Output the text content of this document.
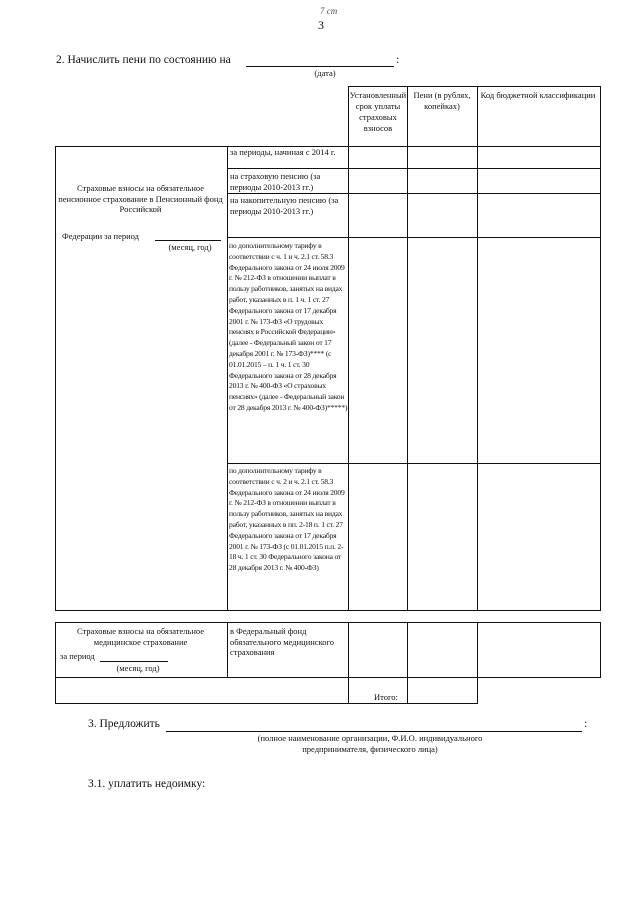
7 ст
3
2. Начислить пени по состоянию на	:
(дата)
Установленный срок уплаты страховых взносов
Пени (в рублях, копейках)
Код бюджетной классификации
Страховые взносы на обязательное пенсионное страхование в Пенсионный фонд Российской
Федерации за период
(месяц, год)
за периоды, начиная с 2014 г.
на страховую пенсию (за периоды 2010-2013 гг.)
на накопительную пенсию (за периоды 2010-2013 гг.)
по дополнительному тарифу в соответствии с ч. 1 и ч. 2.1 ст. 58.3 Федерального закона от 24 июля 2009 г. № 212-ФЗ в отношении выплат в пользу работников, занятых на видах работ, указанных в п. 1 ч. 1 ст. 27 Федерального закона от 17 декабря 2001 г. № 173-ФЗ «О трудовых пенсиях в Российской Федерации» (далее - Федеральный закон от 17 декабря 2001 г. № 173-ФЗ)**** (с 01.01.2015 – п. 1 ч. 1 ст. 30 Федерального закона от 28 декабря 2013 г. № 400-ФЗ «О страховых пенсиях» (далее - Федеральный закон от 28 декабря 2013 г. № 400-ФЗ)*****)
по дополнительному тарифу в соответствии с ч. 2 и ч. 2.1 ст. 58.3 Федерального закона от 24 июля 2009 г. № 212-ФЗ в отношении выплат в пользу работников, занятых на видах работ, указанных в пп. 2-18 п. 1 ст. 27 Федерального закона от 17 декабря 2001 г. № 173-ФЗ (с 01.01.2015 п.п. 2-18 ч. 1 ст. 30 Федерального закона от 28 декабря 2013 г. № 400-ФЗ)
Страховые взносы на обязательное медицинское страхование
за период
(месяц, год)
в Федеральный фонд обязательного медицинского страхования
Итого:
3. Предложить	:
(полное наименование организации, Ф.И.О. индивидуального
предпринимателя, физического лица)
3.1. уплатить недоимку:
